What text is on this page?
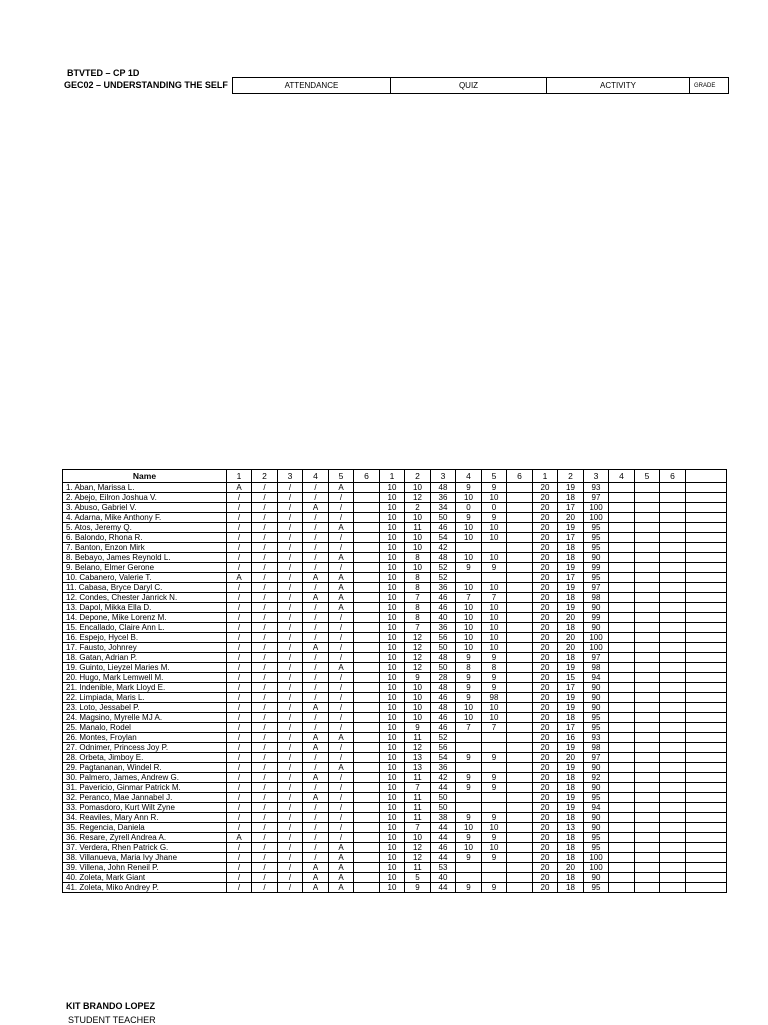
BTVTED – CP 1D
GEC02 – UNDERSTANDING THE SELF	ATTENDANCE	QUIZ	ACTIVITY	GRADE
Name	1	2	3	4	5	6	1	2	3	4	5	6	1	2	3	4	5	6	
1. Aban, Marissa L.	A	/	/	/	A		10	10	48	9	9		20	19	93				
2. Abejo, Eilron Joshua V.	/	/	/	/	/		10	12	36	10	10		20	18	97				
3. Abuso, Gabriel V.	/	/	/	A	/		10	2	34	0	0		20	17	100				
4. Adarna, Mike Anthony F.	/	/	/	/	/		10	10	50	9	9		20	20	100				
5. Atos, Jeremy Q.	/	/	/	/	A		10	11	46	10	10		20	19	95				
6. Balondo, Rhona R.	/	/	/	/	/		10	10	54	10	10		20	17	95				
7. Banton, Enzon Mirk	/	/	/	/	/		10	10	42				20	18	95				
8. Bebayo, James Reynold L.	/	/	/	/	A		10	8	48	10	10		20	18	90				
9. Belano, Elmer Gerone	/	/	/	/	/		10	10	52	9	9		20	19	99				
10. Cabanero, Valerie T.	A	/	/	A	A		10	8	52				20	17	95				
11. Cabasa, Bryce Daryl C.	/	/	/	/	A		10	8	36	10	10		20	19	97				
12. Condes, Chester Janrick N.	/	/	/	A	A		10	7	46	7	7		20	18	98				
13. Dapol, Mikka Ella D.	/	/	/	/	A		10	8	46	10	10		20	19	90				
14. Depone, Mike Lorenz M.	/	/	/	/	/		10	8	40	10	10		20	20	99				
15. Encallado, Claire Ann L.	/	/	/	/	/		10	7	36	10	10		20	18	90				
16. Espejo, Hycel B.	/	/	/	/	/		10	12	56	10	10		20	20	100				
17. Fausto, Johnrey	/	/	/	A	/		10	12	50	10	10		20	20	100				
18. Gatan, Adrian P.	/	/	/	/	/		10	12	48	9	9		20	18	97				
19. Guinto, Lieyzel Maries M.	/	/	/	/	A		10	12	50	8	8		20	19	98				
20. Hugo, Mark Lemwell M.	/	/	/	/	/		10	9	28	9	9		20	15	94				
21. Indenible, Mark Lloyd E.	/	/	/	/	/		10	10	48	9	9		20	17	90				
22. Limpiada, Maris L.	/	/	/	/	/		10	10	46	9	98		20	19	90				
23. Loto, Jessabel P.	/	/	/	A	/		10	10	48	10	10		20	19	90				
24. Magsino, Myrelle MJ A.	/	/	/	/	/		10	10	46	10	10		20	18	95				
25. Manalo, Rodel	/	/	/	/	/		10	9	46	7	7		20	17	95				
26. Montes, Froylan	/	/	/	A	A		10	11	52				20	16	93				
27. Odnimer, Princess Joy P.	/	/	/	A	/		10	12	56				20	19	98				
28. Orbeta, Jimboy E.	/	/	/	/	/		10	13	54	9	9		20	20	97				
29. Pagtananan, Windel R.	/	/	/	/	A		10	13	36				20	19	90				
30. Palmero, James, Andrew G.	/	/	/	A	/		10	11	42	9	9		20	18	92				
31. Pavericio, Ginmar Patrick M.	/	/	/	/	/		10	7	44	9	9		20	18	90				
32. Peranco, Mae Jannabel J.	/	/	/	A	/		10	11	50				20	19	95				
33. Pomasdoro, Kurt Wilt Zyne	/	/	/	/	/		10	11	50				20	19	94				
34. Reaviles, Mary Ann R.	/	/	/	/	/		10	11	38	9	9		20	18	90				
35. Regencia, Daniela	/	/	/	/	/		10	7	44	10	10		20	13	90				
36. Resare, Zyrell Andrea A.	A	/	/	/	/		10	10	44	9	9		20	18	95				
37. Verdera, Rhen Patrick G.	/	/	/	/	A		10	12	46	10	10		20	18	95				
38. Villanueva, Maria Ivy Jhane	/	/	/	/	A		10	12	44	9	9		20	18	100				
39. Villena, John Reneil P.	/	/	/	A	A		10	11	53				20	20	100				
40. Zoleta, Mark Giant	/	/	/	A	A		10	5	40				20	18	90				
41. Zoleta, Miko Andrey P.	/	/	/	A	A		10	9	44	9	9		20	18	95				
KIT BRANDO LOPEZ
STUDENT TEACHER
